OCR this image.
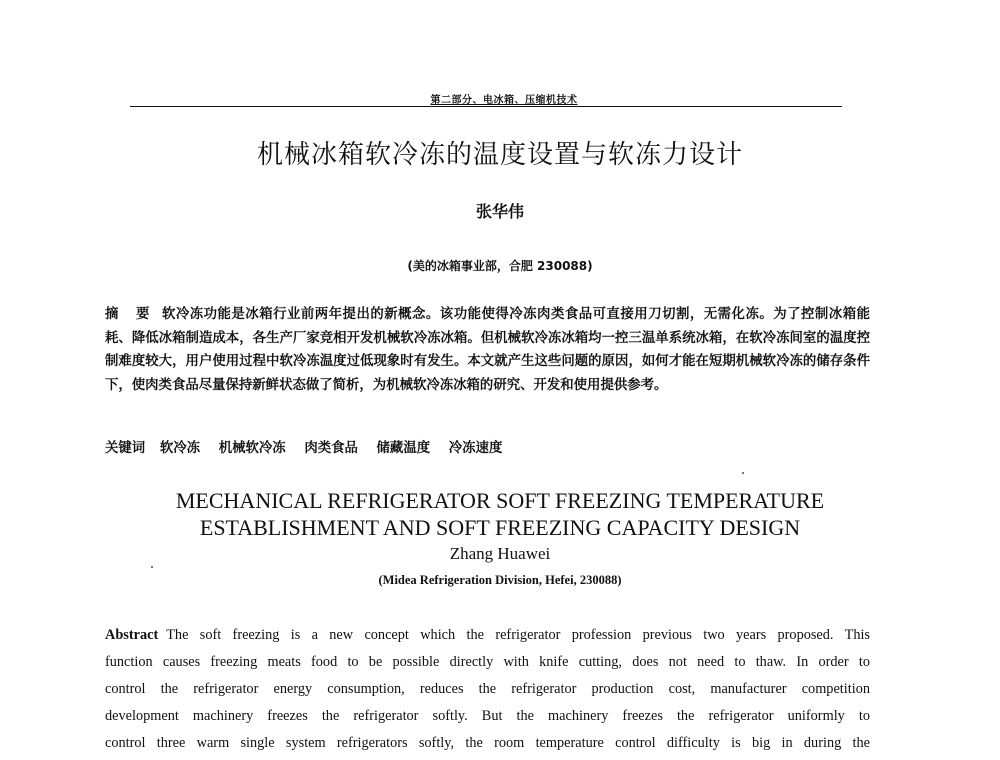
第二部分、电冰箱、压缩机技术
机械冰箱软冷冻的温度设置与软冻力设计
张华伟
(美的冰箱事业部，合肥 230088)
摘 要 软冷冻功能是冰箱行业前两年提出的新概念。该功能使得冷冻肉类食品可直接用刀切割，无需化冻。为了控制冰箱能耗、降低冰箱制造成本，各生产厂家竞相开发机械软冷冻冰箱。但机械软冷冻冰箱均一控三温单系统冰箱，在软冷冻间室的温度控制难度较大，用户使用过程中软冷冻温度过低现象时有发生。本文就产生这些问题的原因，如何才能在短期机械软冷冻的储存条件下，使肉类食品尽量保持新鲜状态做了简析，为机械软冷冻冰箱的研究、开发和使用提供参考。
关键词 软冷冻 机械软冷冻 肉类食品 储藏温度 冷冻速度
MECHANICAL REFRIGERATOR SOFT FREEZING TEMPERATURE
ESTABLISHMENT AND SOFT FREEZING CAPACITY DESIGN
Zhang Huawei
(Midea Refrigeration Division, Hefei, 230088)
Abstract The soft freezing is a new concept which the refrigerator profession previous two years proposed. This
function causes freezing meats food to be possible directly with knife cutting, does not need to thaw. In order to
control the refrigerator energy consumption, reduces the refrigerator production cost, manufacturer competition
development machinery freezes the refrigerator softly. But the machinery freezes the refrigerator uniformly to
control three warm single system refrigerators softly, the room temperature control difficulty is big in during the
